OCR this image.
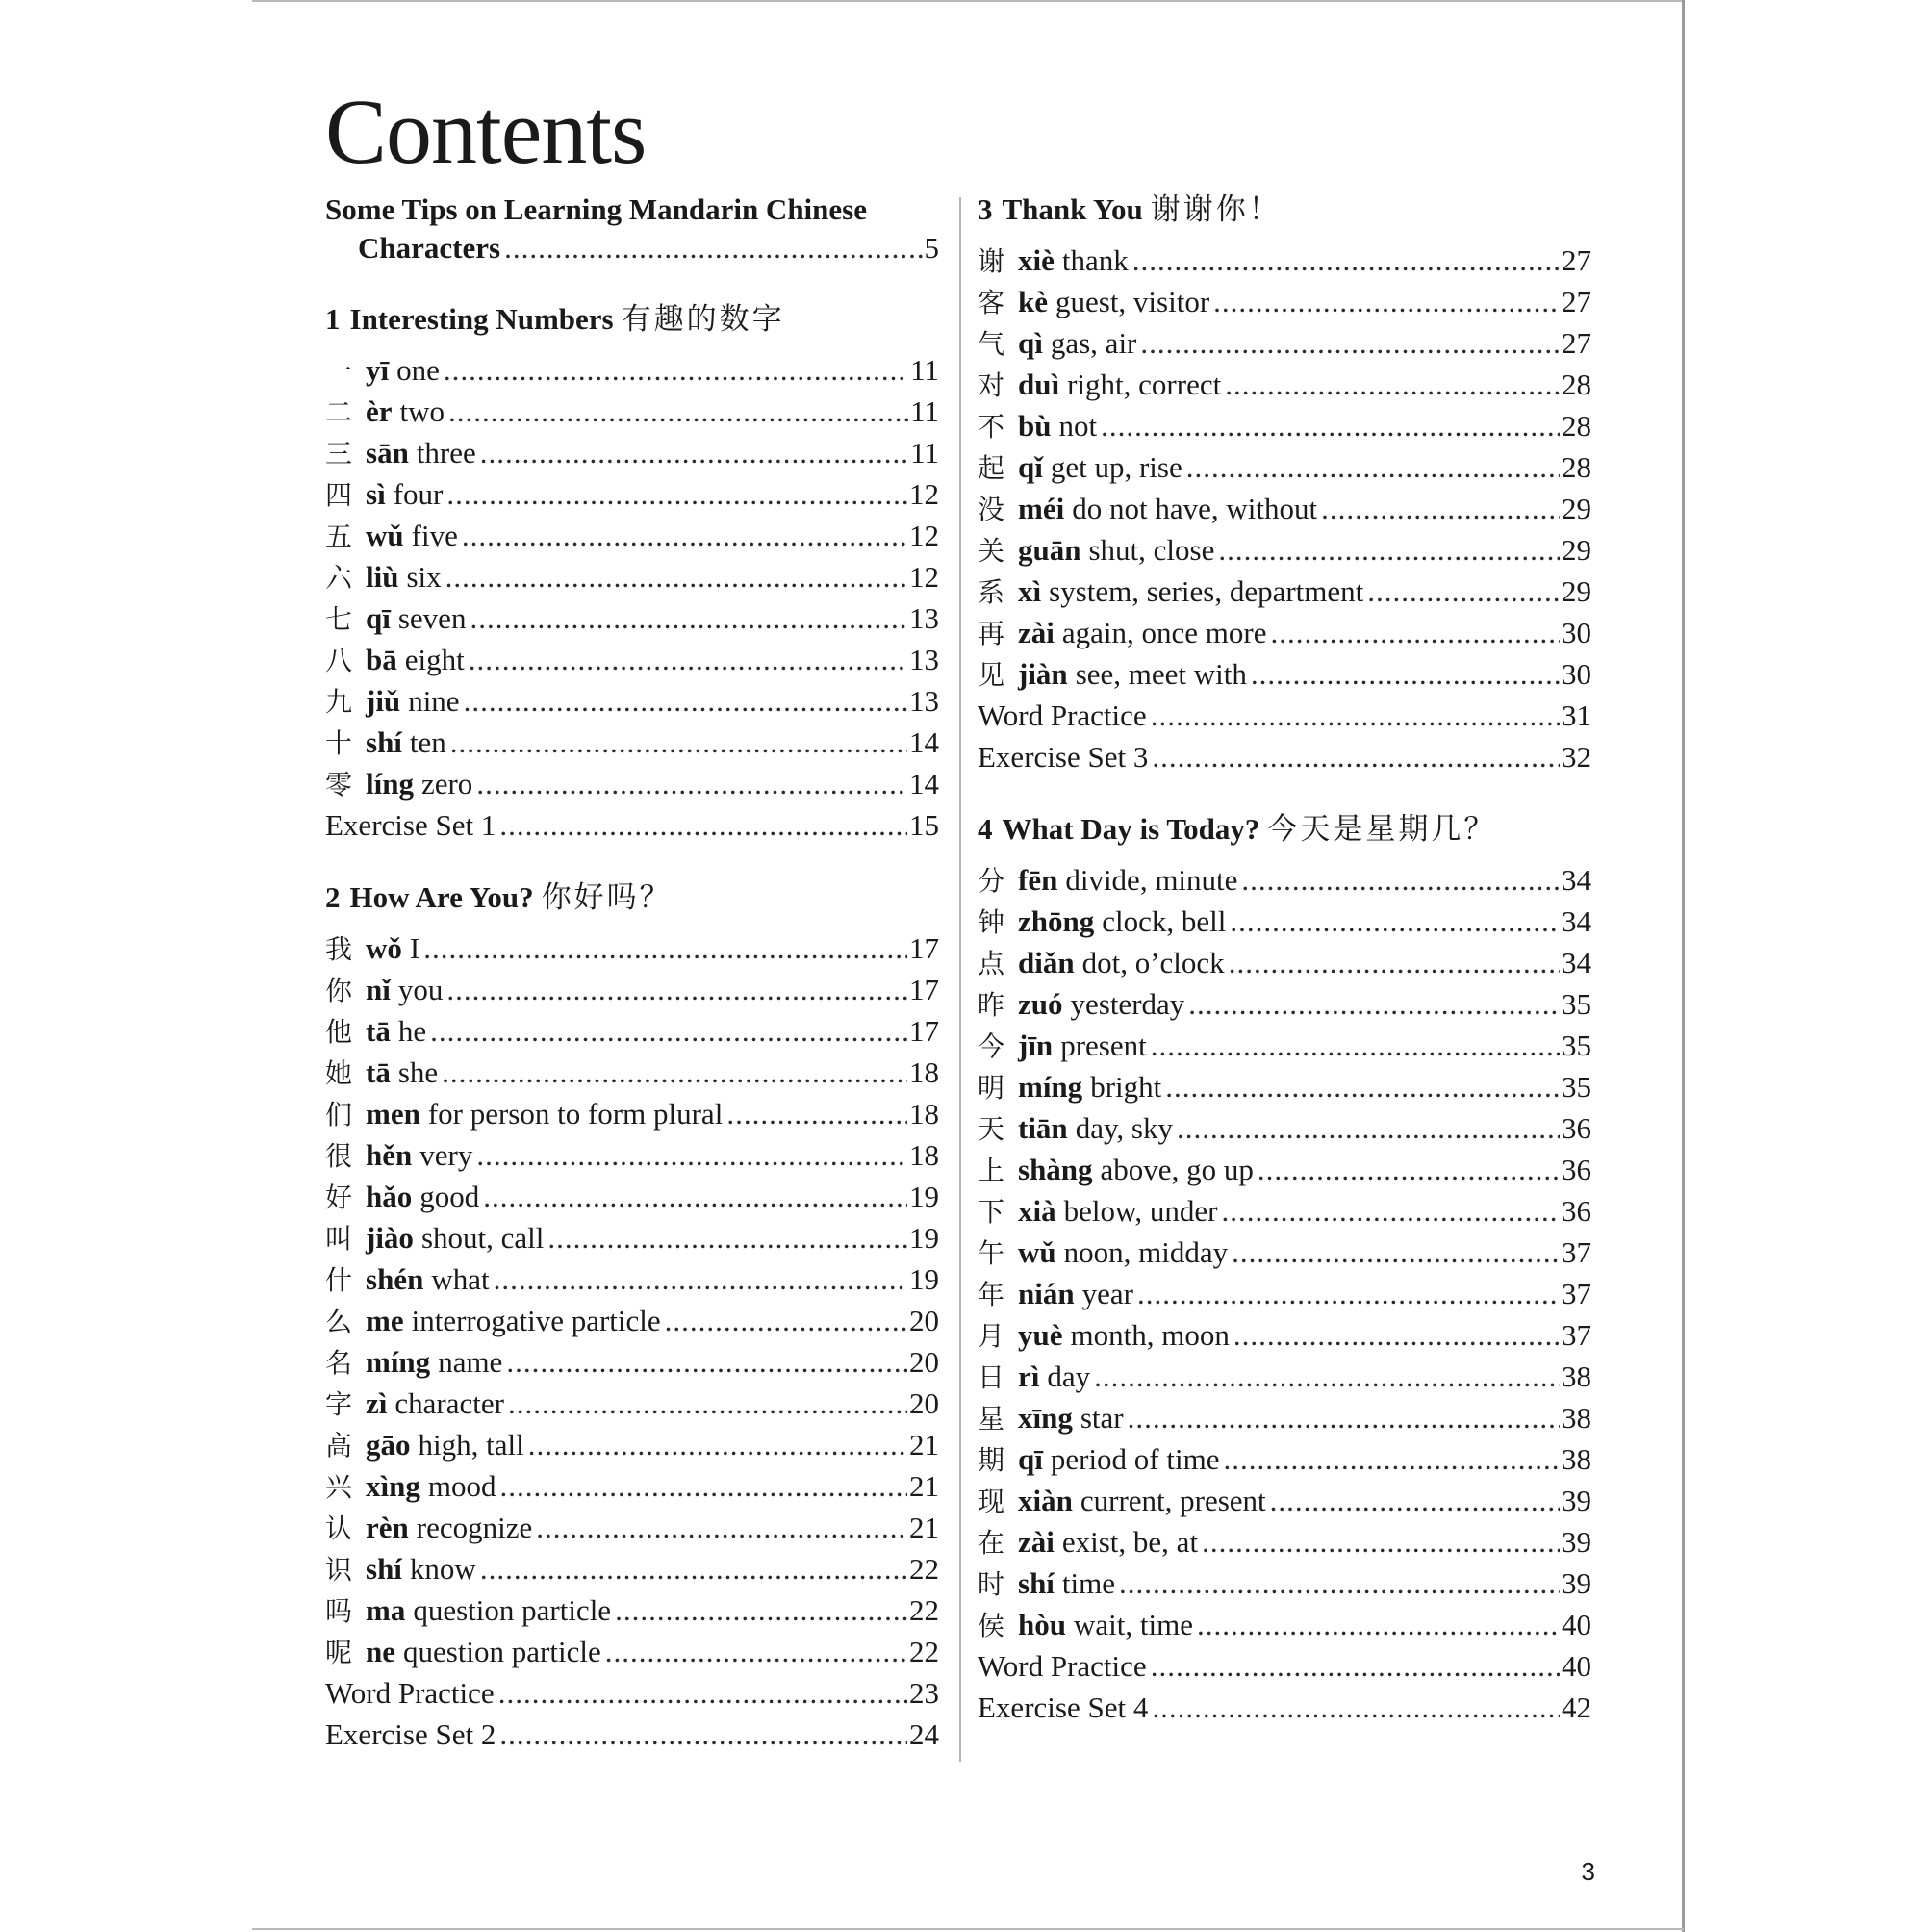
Contents
Some Tips on Learning Mandarin Chinese
Characters .....	5
1 Interesting Numbers 有趣的数字
一 yī one .....	11
二 èr two .....	11
三 sān three .....	11
四 sì four .....	12
五 wǔ five .....	12
六 liù six .....	12
七 qī seven .....	13
八 bā eight .....	13
九 jiǔ nine .....	13
十 shí ten .....	14
零 líng zero .....	14
Exercise Set 1 .....	15
2 How Are You? 你好吗？
我 wǒ I .....	17
你 nǐ you .....	17
他 tā he .....	17
她 tā she .....	18
们 men for person to form plural .....	18
很 hěn very .....	18
好 hǎo good .....	19
叫 jiào shout, call .....	19
什 shén what .....	19
么 me interrogative particle .....	20
名 míng name .....	20
字 zì character .....	20
高 gāo high, tall .....	21
兴 xìng mood .....	21
认 rèn recognize .....	21
识 shí know .....	22
吗 ma question particle .....	22
呢 ne question particle .....	22
Word Practice .....	23
Exercise Set 2 .....	24
3 Thank You 谢谢你！
谢 xiè thank .....	27
客 kè guest, visitor .....	27
气 qì gas, air .....	27
对 duì right, correct .....	28
不 bù not .....	28
起 qǐ get up, rise .....	28
没 méi do not have, without .....	29
关 guān shut, close .....	29
系 xì system, series, department .....	29
再 zài again, once more .....	30
见 jiàn see, meet with .....	30
Word Practice .....	31
Exercise Set 3 .....	32
4 What Day is Today? 今天是星期几？
分 fēn divide, minute .....	34
钟 zhōng clock, bell .....	34
点 diǎn dot, o’clock .....	34
昨 zuó yesterday .....	35
今 jīn present .....	35
明 míng bright .....	35
天 tiān day, sky .....	36
上 shàng above, go up .....	36
下 xià below, under .....	36
午 wǔ noon, midday .....	37
年 nián year .....	37
月 yuè month, moon .....	37
日 rì day .....	38
星 xīng star .....	38
期 qī period of time .....	38
现 xiàn current, present .....	39
在 zài exist, be, at .....	39
时 shí time .....	39
侯 hòu wait, time .....	40
Word Practice .....	40
Exercise Set 4 .....	42
3
